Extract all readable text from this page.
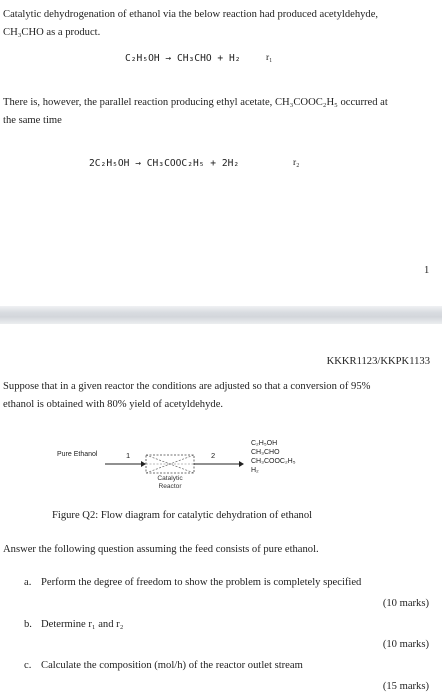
Catalytic dehydrogenation of ethanol via the below reaction had produced acetyldehyde,

CH₃CHO as a product.

C₂H₅OH → CH₃CHO + H₂	r₁

There is, however, the parallel reaction producing ethyl acetate, CH₃COOC₂H₅ occurred at

the same time

2C₂H₅OH → CH₃COOC₂H₅ + 2H₂	r₂
1
KKKR1123/KKPK1133

Suppose that in a given reactor the conditions are adjusted so that a conversion of 95%

ethanol is obtained with 80% yield of acetyldehyde.

Pure Ethanol	1	2
Catalytic
Reactor
C₂H₅OH
CH₃CHO
CH₃COOC₂H₅
H₂
Figure Q2: Flow diagram for catalytic dehydration of ethanol
Answer the following question assuming the feed consists of pure ethanol.
a. Perform the degree of freedom to show the problem is completely specified
(10 marks)
b. Determine r₁ and r₂
(10 marks)
c. Calculate the composition (mol/h) of the reactor outlet stream
(15 marks)
